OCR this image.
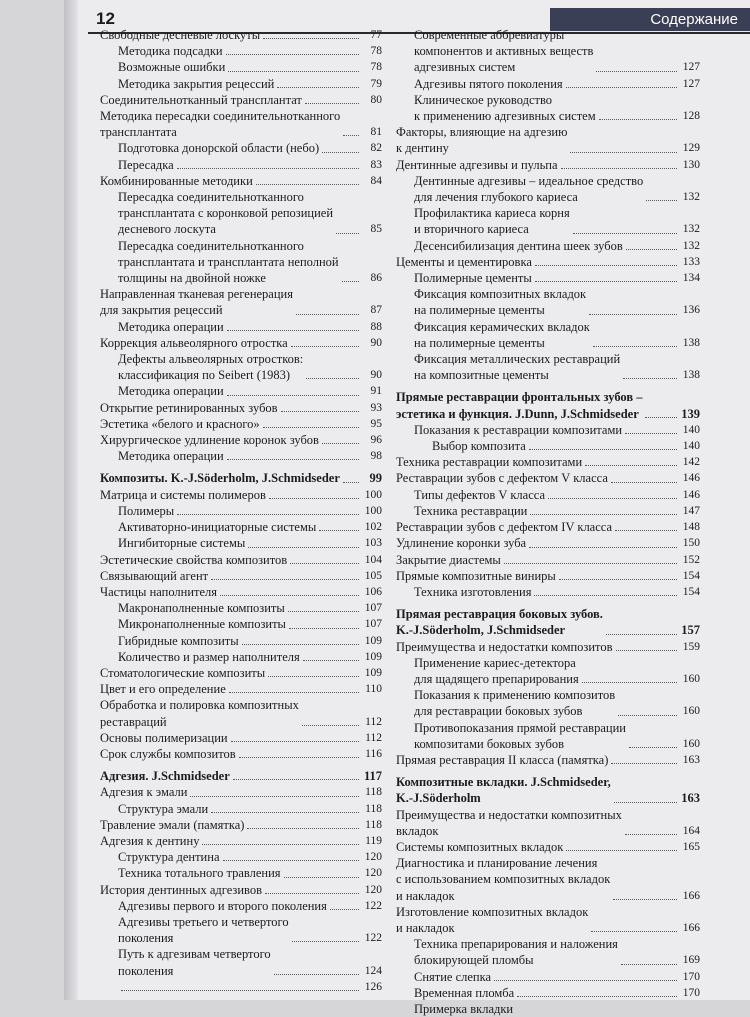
12	Содержание
Свободные десневые лоскуты	77
Методика подсадки	78
Возможные ошибки	78
Методика закрытия рецессий	79
Соединительнотканный трансплантат	80
Методика пересадки соединительнотканного
трансплантата	81
Подготовка донорской области (небо)	82
Пересадка	83
Комбинированные методики	84
Пересадка соединительнотканного
трансплантата с коронковой репозицией
десневого лоскута	85
Пересадка соединительнотканного
трансплантата и трансплантата неполной
толщины на двойной ножке	86
Направленная тканевая регенерация
для закрытия рецессий	87
Методика операции	88
Коррекция альвеолярного отростка	90
Дефекты альвеолярных отростков:
классификация по Seibert (1983)	90
Методика операции	91
Открытие ретинированных зубов	93
Эстетика «белого и красного»	95
Хирургическое удлинение коронок зубов	96
Методика операции	98
Композиты. K.-J.Söderholm, J.Schmidseder	99
Матрица и системы полимеров	100
Полимеры	100
Активаторно-инициаторные системы	102
Ингибиторные системы	103
Эстетические свойства композитов	104
Связывающий агент	105
Частицы наполнителя	106
Макронаполненные композиты	107
Микронаполненные композиты	107
Гибридные композиты	109
Количество и размер наполнителя	109
Стоматологические композиты	109
Цвет и его определение	110
Обработка и полировка композитных
реставраций	112
Основы полимеризации	112
Срок службы композитов	116
Адгезия. J.Schmidseder	117
Адгезия к эмали	118
Структура эмали	118
Травление эмали (памятка)	118
Адгезия к дентину	119
Структура дентина	120
Техника тотального травления	120
История дентинных адгезивов	120
Адгезивы первого и второго поколения	122
Адгезивы третьего и четвертого
поколения	122
Путь к адгезивам четвертого
поколения	124
126
Современные аббревиатуры
компонентов и активных веществ
адгезивных систем	127
Адгезивы пятого поколения	127
Клиническое руководство
к применению адгезивных систем	128
Факторы, влияющие на адгезию
к дентину	129
Дентинные адгезивы и пульпа	130
Дентинные адгезивы – идеальное средство
для лечения глубокого кариеса	132
Профилактика кариеса корня
и вторичного кариеса	132
Десенсибилизация дентина шеек зубов	132
Цементы и цементировка	133
Полимерные цементы	134
Фиксация композитных вкладок
на полимерные цементы	136
Фиксация керамических вкладок
на полимерные цементы	138
Фиксация металлических реставраций
на композитные цементы	138
Прямые реставрации фронтальных зубов –
эстетика и функция. J.Dunn, J.Schmidseder	139
Показания к реставрации композитами	140
Выбор композита	140
Техника реставрации композитами	142
Реставрации зубов с дефектом V класса	146
Типы дефектов V класса	146
Техника реставрации	147
Реставрации зубов с дефектом IV класса	148
Удлинение коронки зуба	150
Закрытие диастемы	152
Прямые композитные виниры	154
Техника изготовления	154
Прямая реставрация боковых зубов.
K.-J.Söderholm, J.Schmidseder	157
Преимущества и недостатки композитов	159
Применение кариес-детектора
для щадящего препарирования	160
Показания к применению композитов
для реставрации боковых зубов	160
Противопоказания прямой реставрации
композитами боковых зубов	160
Прямая реставрация II класса (памятка)	163
Композитные вкладки. J.Schmidseder,
K.-J.Söderholm	163
Преимущества и недостатки композитных
вкладок	164
Системы композитных вкладок	165
Диагностика и планирование лечения
с использованием композитных вкладок
и накладок	166
Изготовление композитных вкладок
и накладок	166
Техника препарирования и наложения
блокирующей пломбы	169
Снятие слепка	170
Временная пломба	170
Примерка вкладки
